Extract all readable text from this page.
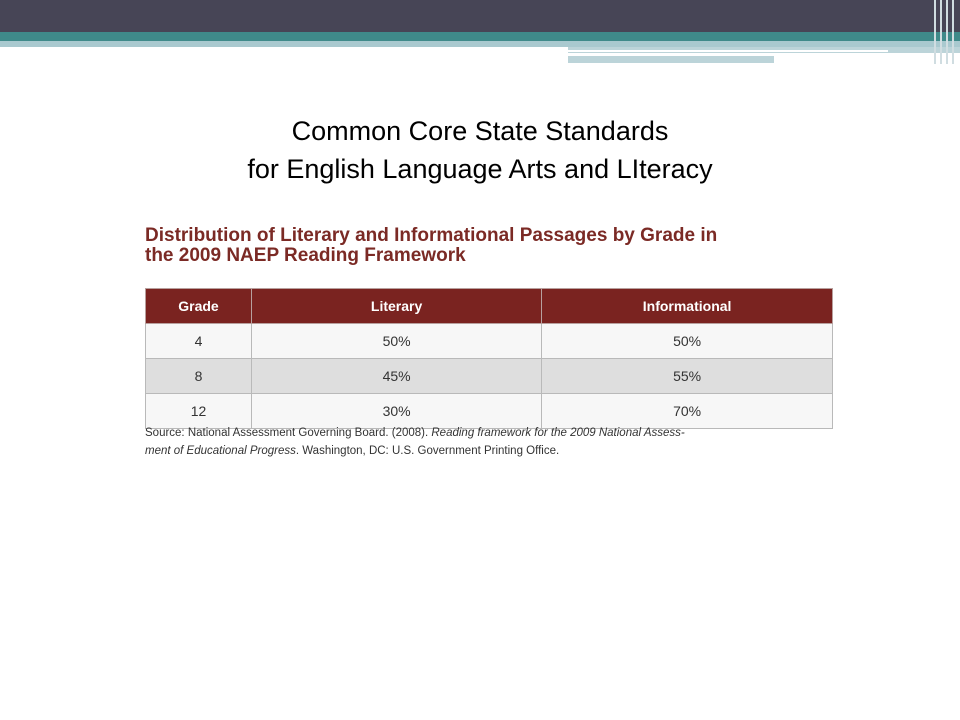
Common Core State Standards
for English Language Arts and LIteracy
Distribution of Literary and Informational Passages by Grade in
the 2009 NAEP Reading Framework
Grade	Literary	Informational
4	50%	50%
8	45%	55%
12	30%	70%
Source: National Assessment Governing Board. (2008). Reading framework for the 2009 National Assess-
ment of Educational Progress. Washington, DC: U.S. Government Printing Office.
